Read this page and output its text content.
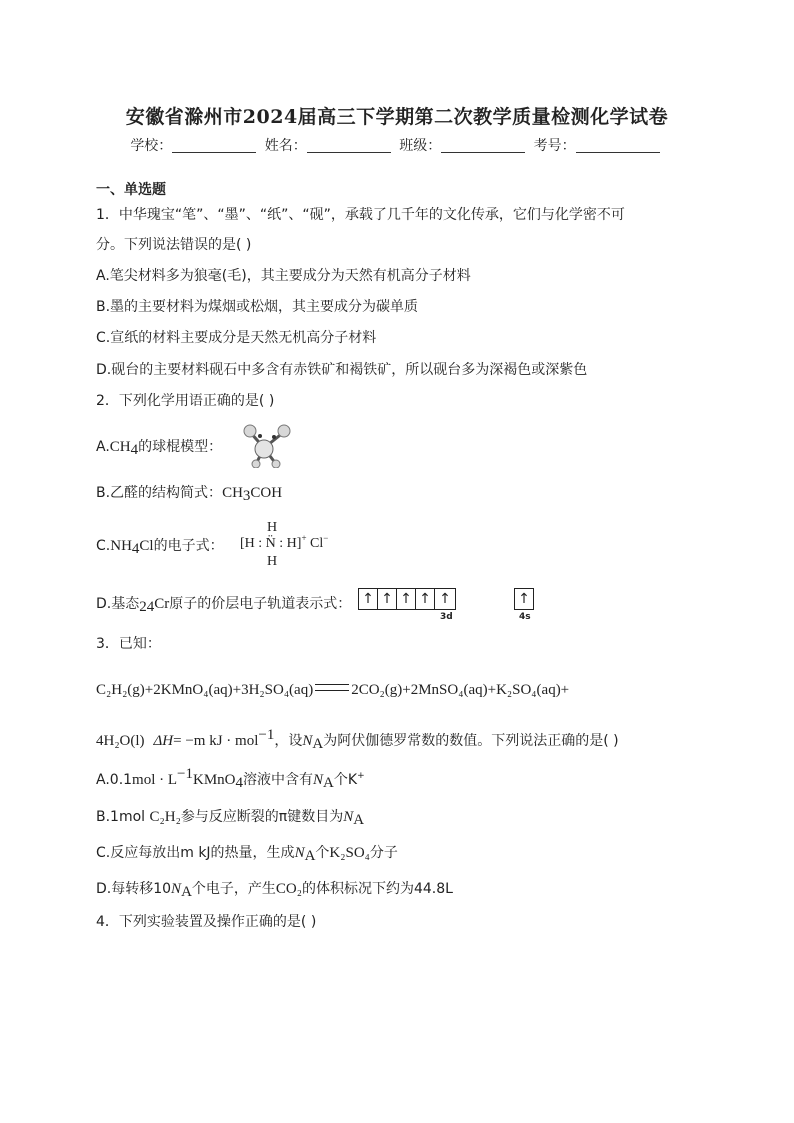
安徽省滁州市2024届高三下学期第二次教学质量检测化学试卷
学校：	姓名：	班级：	考号：
一、单选题
1．中华瑰宝“笔”、“墨”、“纸”、“砚”，承载了几千年的文化传承，它们与化学密不可
分。下列说法错误的是( )
A.笔尖材料多为狼毫(毛)，其主要成分为天然有机高分子材料
B.墨的主要材料为煤烟或松烟，其主要成分为碳单质
C.宣纸的材料主要成分是天然无机高分子材料
D.砚台的主要材料砚石中多含有赤铁矿和褐铁矿，所以砚台多为深褐色或深紫色
2．下列化学用语正确的是( )
$A.CH_4$的球棍模型：
B.乙醛的结构简式：$CH_3COH$
$C.NH_4Cl$的电子式：
H
[H : N̈ : H]+ Cl−
H
D.基态$_{24}$Cr原子的价层电子轨道表示式： ↑ ↑ ↑ ↑ ↑
3d
↑
4s
3．已知：
C₂H₂(g)+2KMnO₄(aq)+3H₂SO₄(aq)	2CO₂(g)+2MnSO₄(aq)+K₂SO₄(aq)+
4H₂O(l) ΔH= −m kJ · mol$^{-1}$，设$N_A$为阿伏伽德罗常数的数值。下列说法正确的是( )
$A.0.1mol \cdot L^{-1}KMnO_4$溶液中含有$N_A$个K+
B.1mol C₂H₂参与反应断裂的π键数目为$N_A$
C.反应每放出m kJ的热量，生成$N_A$个K₂SO₄分子
D.每转移$10N_A$个电子，产生CO₂的体积标况下约为44.8L
4．下列实验装置及操作正确的是( )
